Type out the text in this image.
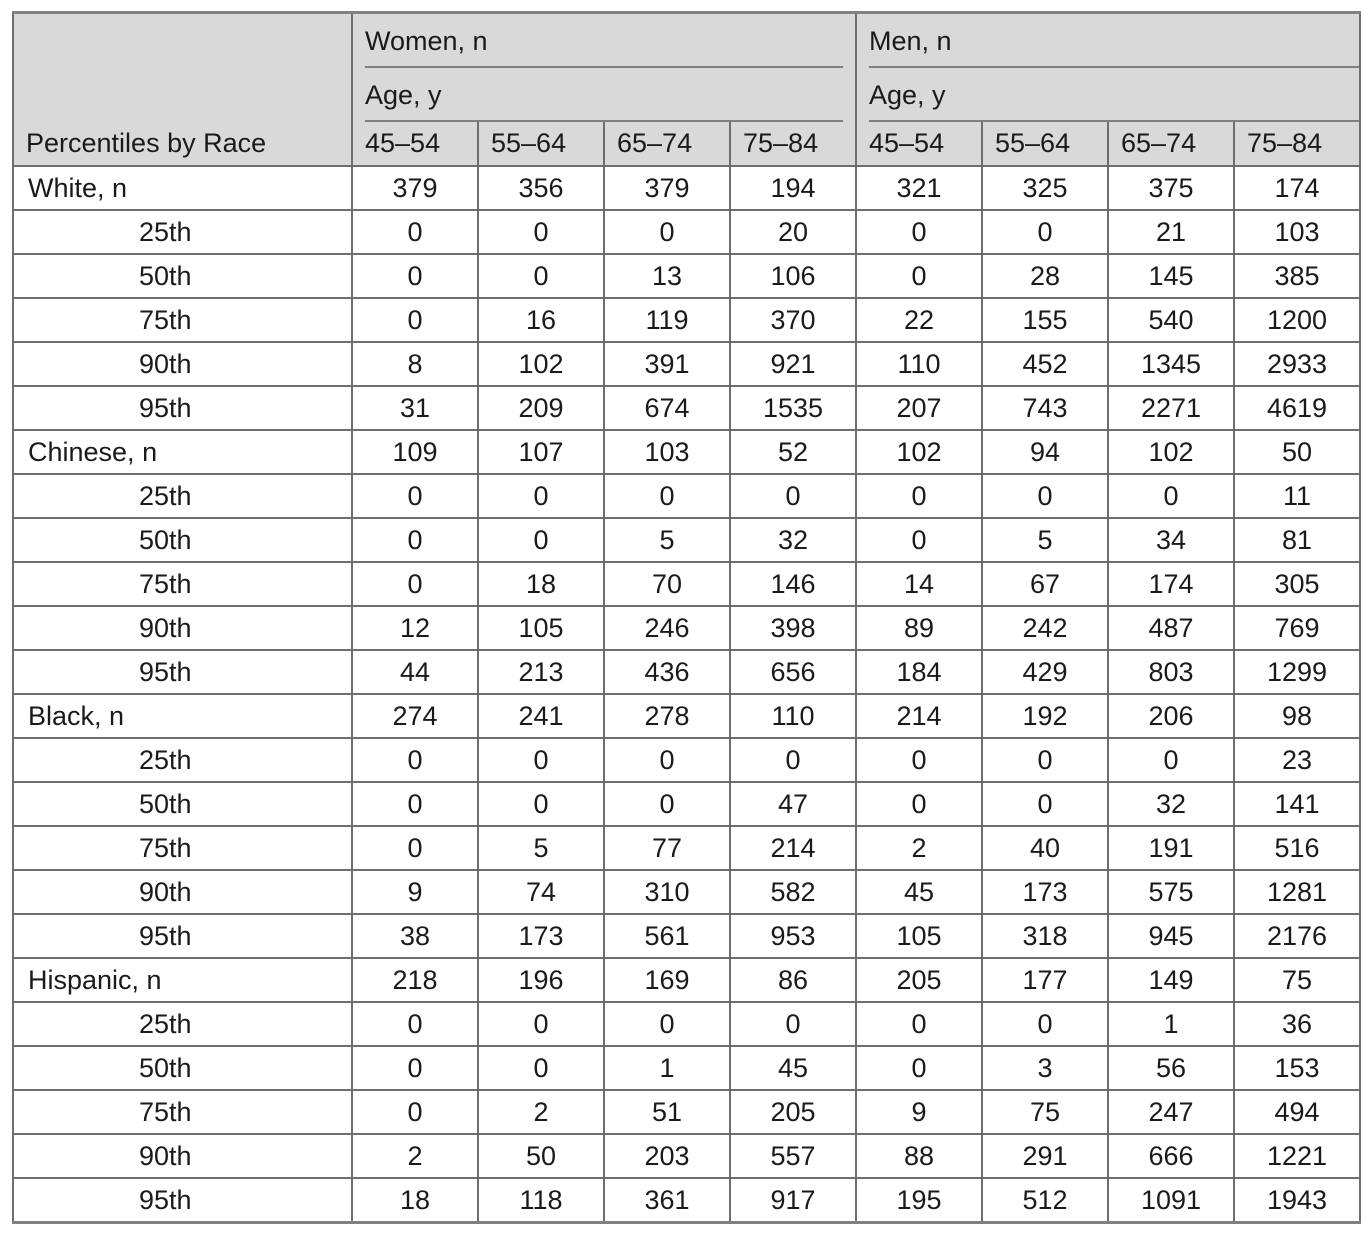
Percentiles by Race	Women, n				Men, n			
	Age, y				Age, y			
	45–54	55–64	65–74	75–84	45–54	55–64	65–74	75–84
White, n	379	356	379	194	321	325	375	174
25th	0	0	0	20	0	0	21	103
50th	0	0	13	106	0	28	145	385
75th	0	16	119	370	22	155	540	1200
90th	8	102	391	921	110	452	1345	2933
95th	31	209	674	1535	207	743	2271	4619
Chinese, n	109	107	103	52	102	94	102	50
25th	0	0	0	0	0	0	0	11
50th	0	0	5	32	0	5	34	81
75th	0	18	70	146	14	67	174	305
90th	12	105	246	398	89	242	487	769
95th	44	213	436	656	184	429	803	1299
Black, n	274	241	278	110	214	192	206	98
25th	0	0	0	0	0	0	0	23
50th	0	0	0	47	0	0	32	141
75th	0	5	77	214	2	40	191	516
90th	9	74	310	582	45	173	575	1281
95th	38	173	561	953	105	318	945	2176
Hispanic, n	218	196	169	86	205	177	149	75
25th	0	0	0	0	0	0	1	36
50th	0	0	1	45	0	3	56	153
75th	0	2	51	205	9	75	247	494
90th	2	50	203	557	88	291	666	1221
95th	18	118	361	917	195	512	1091	1943
